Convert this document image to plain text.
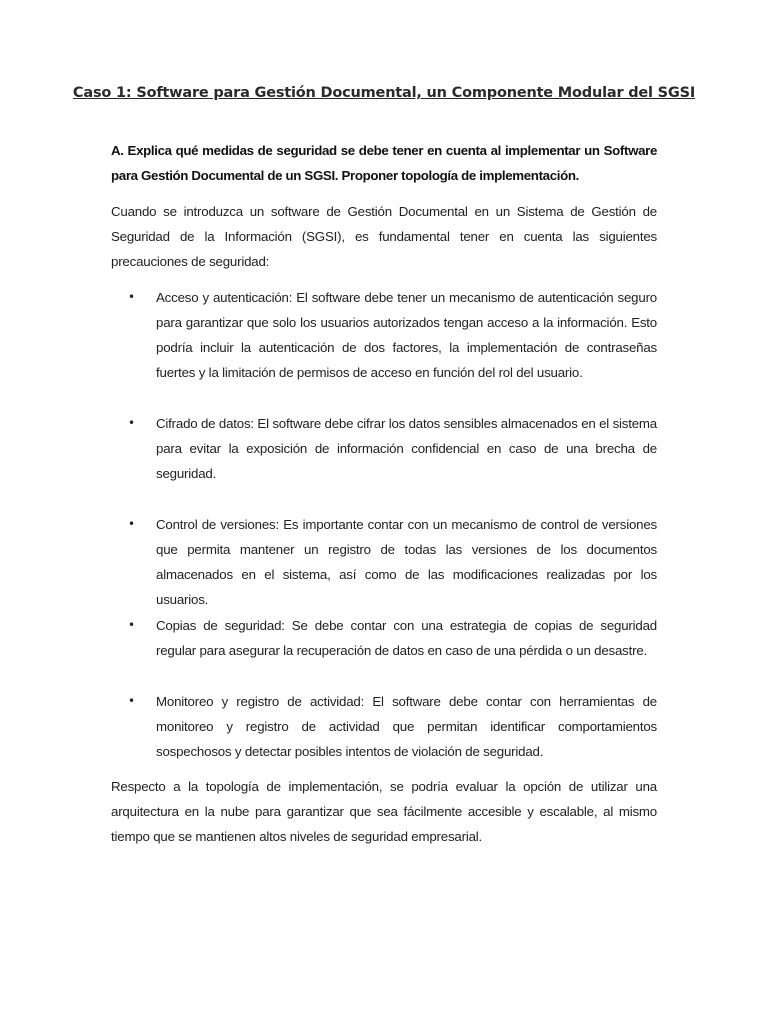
Caso 1: Software para Gestión Documental, un Componente Modular del SGSI
A. Explica qué medidas de seguridad se debe tener en cuenta al implementar un Software para Gestión Documental de un SGSI. Proponer topología de implementación.
Cuando se introduzca un software de Gestión Documental en un Sistema de Gestión de Seguridad de la Información (SGSI), es fundamental tener en cuenta las siguientes precauciones de seguridad:
•	Acceso y autenticación: El software debe tener un mecanismo de autenticación seguro para garantizar que solo los usuarios autorizados tengan acceso a la información. Esto podría incluir la autenticación de dos factores, la implementación de contraseñas fuertes y la limitación de permisos de acceso en función del rol del usuario.
•	Cifrado de datos: El software debe cifrar los datos sensibles almacenados en el sistema para evitar la exposición de información confidencial en caso de una brecha de seguridad.
•	Control de versiones: Es importante contar con un mecanismo de control de versiones que permita mantener un registro de todas las versiones de los documentos almacenados en el sistema, así como de las modificaciones realizadas por los usuarios.
•	Copias de seguridad: Se debe contar con una estrategia de copias de seguridad regular para asegurar la recuperación de datos en caso de una pérdida o un desastre.
•	Monitoreo y registro de actividad: El software debe contar con herramientas de monitoreo y registro de actividad que permitan identificar comportamientos sospechosos y detectar posibles intentos de violación de seguridad.
Respecto a la topología de implementación, se podría evaluar la opción de utilizar una arquitectura en la nube para garantizar que sea fácilmente accesible y escalable, al mismo tiempo que se mantienen altos niveles de seguridad empresarial.
